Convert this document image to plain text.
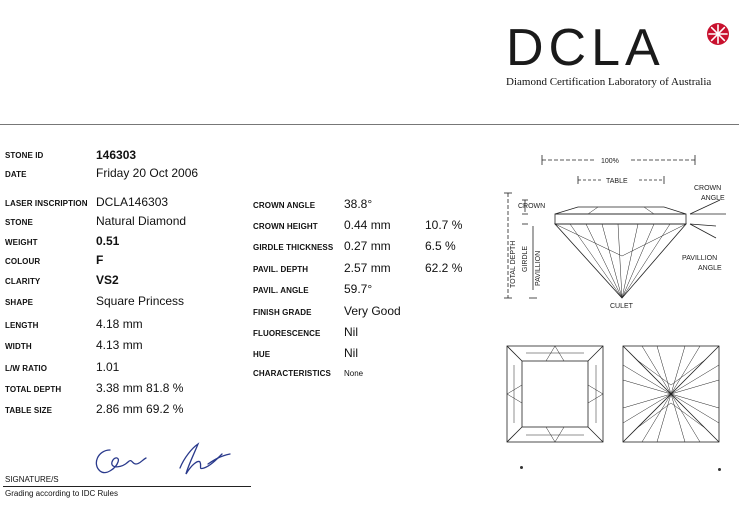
DCLA
Diamond Certification Laboratory of Australia
STONE ID	146303
DATE	Friday 20 Oct 2006
LASER INSCRIPTION DCLA146303
STONE	Natural Diamond
WEIGHT	0.51
COLOUR	F
CLARITY	VS2
SHAPE	Square Princess
LENGTH	4.18 mm
WIDTH	4.13 mm
L/W RATIO	1.01
TOTAL DEPTH	3.38 mm 81.8 %
TABLE SIZE	2.86 mm 69.2 %
CROWN ANGLE 38.8°
CROWN HEIGHT 0.44 mm	10.7 %
GIRDLE THICKNESS 0.27 mm	6.5 %
PAVIL. DEPTH	2.57 mm	62.2 %
PAVIL. ANGLE	59.7°
FINISH GRADE	Very Good
FLUORESCENCE Nil
HUE	Nil
CHARACTERISTICS None
100%
TABLE
CROWN
CROWN
ANGLE
PAVILLION
ANGLE
CULET
TOTAL DEPTH GIRDLE PAVILLION
SIGNATURE/S
Grading according to IDC Rules
